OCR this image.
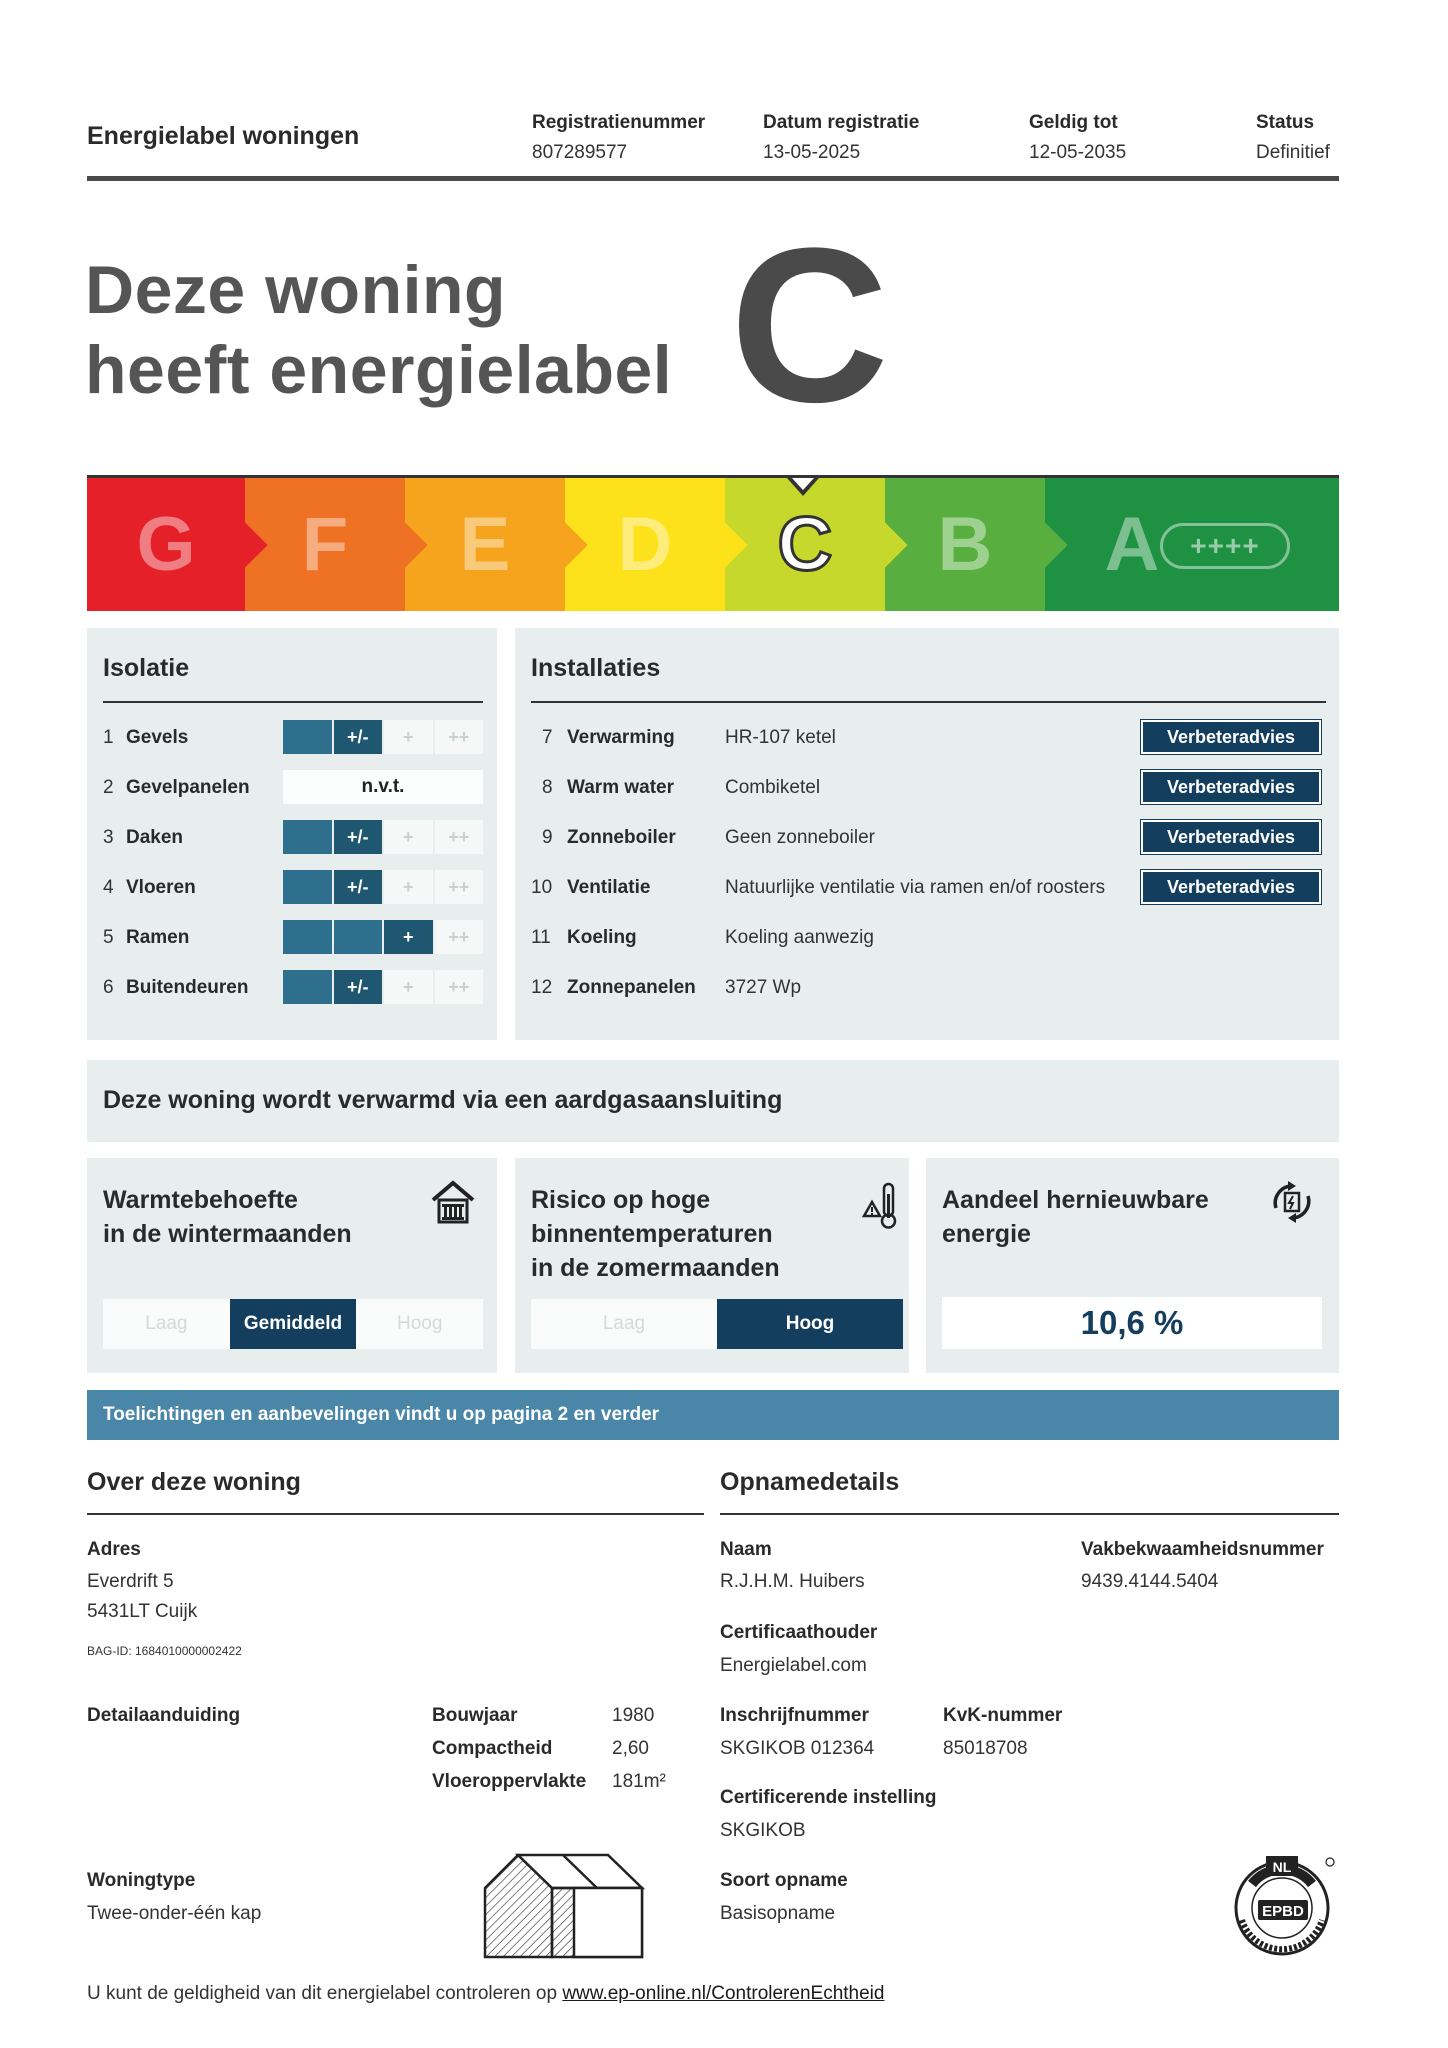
Energielabel woningen	Registratienummer
807289577
Datum registratie
13-05-2025
Geldig tot
12-05-2035
Status
Definitief
Deze woning
heeft energielabel C
G F E D C B A	++++
Isolatie
1 Gevels	+/-	+	++
2 Gevelpanelen	n.v.t.
3 Daken	+/-	+	++
4 Vloeren	+/-	+	++
5 Ramen	+	++
6 Buitendeuren	+/-	+	++
Installaties
7 Verwarming	HR-107 ketel	Verbeteradvies
8 Warm water	Combiketel	Verbeteradvies
9 Zonneboiler	Geen zonneboiler	Verbeteradvies
10 Ventilatie	Natuurlijke ventilatie via ramen en/of roosters	Verbeteradvies
11 Koeling	Koeling aanwezig
12 Zonnepanelen 3727 Wp
Deze woning wordt verwarmd via een aardgasaansluiting
Warmtebehoefte
in de wintermaanden
Laag	Gemiddeld	Hoog
Risico op hoge
binnentemperaturen
in de zomermaanden
Laag	Hoog
Aandeel hernieuwbare
energie
10,6 %
Toelichtingen en aanbevelingen vindt u op pagina 2 en verder
Over deze woning
Adres
Everdrift 5
5431LT Cuijk
BAG-ID: 1684010000002422
Detailaanduiding	Bouwjaar	1980
Compactheid	2,60
Vloeroppervlakte 181m²
Woningtype
Twee-onder-één kap
Opnamedetails
Naam
R.J.H.M. Huibers
Vakbekwaamheidsnummer
9439.4144.5404
Certificaathouder
Energielabel.com
Inschrijfnummer
SKGIKOB 012364
KvK-nummer
85018708
Certificerende instelling
SKGIKOB
Soort opname
Basisopname	EPBD
NL
U kunt de geldigheid van dit energielabel controleren op www.ep-online.nl/ControlerenEchtheid
